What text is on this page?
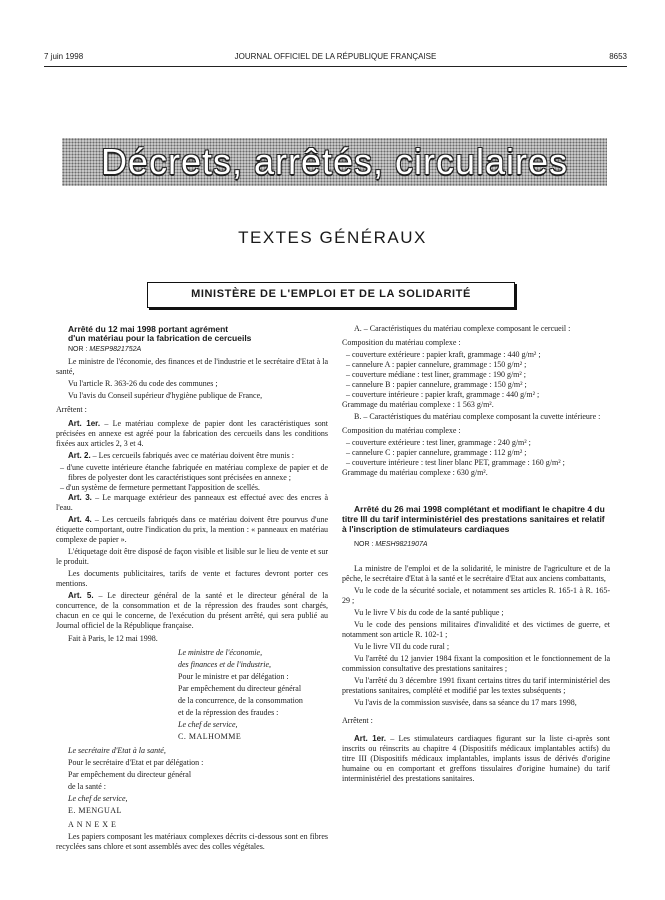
7 juin 1998	JOURNAL OFFICIEL DE LA RÉPUBLIQUE FRANÇAISE	8653
Décrets, arrêtés, circulaires
TEXTES GÉNÉRAUX
MINISTÈRE DE L'EMPLOI ET DE LA SOLIDARITÉ

Arrêté du 12 mai 1998 portant agrément

d'un matériau pour la fabrication de cercueils

NOR : MESP9821752A

Le ministre de l'économie, des finances et de l'industrie et le secrétaire d'Etat à la santé,

Vu l'article R. 363-26 du code des communes ;

Vu l'avis du Conseil supérieur d'hygiène publique de France,

Arrêtent :

Art. 1er. – Le matériau complexe de papier dont les caractéristiques sont précisées en annexe est agréé pour la fabrication des cercueils dans les conditions fixées aux articles 2, 3 et 4.

Art. 2. – Les cercueils fabriqués avec ce matériau doivent être munis :

– d'une cuvette intérieure étanche fabriquée en matériau complexe de papier et de fibres de polyester dont les caractéristiques sont précisées en annexe ;

– d'un système de fermeture permettant l'apposition de scellés.

Art. 3. – Le marquage extérieur des panneaux est effectué avec des encres à l'eau.

Art. 4. – Les cercueils fabriqués dans ce matériau doivent être pourvus d'une étiquette comportant, outre l'indication du prix, la mention : « panneaux en matériau complexe de papier ».

L'étiquetage doit être disposé de façon visible et lisible sur le lieu de vente et sur le produit.

Les documents publicitaires, tarifs de vente et factures devront porter ces mentions.

Art. 5. – Le directeur général de la santé et le directeur général de la concurrence, de la consommation et de la répression des fraudes sont chargés, chacun en ce qui le concerne, de l'exécution du présent arrêté, qui sera publié au Journal officiel de la République française.

Fait à Paris, le 12 mai 1998.

Le ministre de l'économie,

des finances et de l'industrie,

Pour le ministre et par délégation :

Par empêchement du directeur général

de la concurrence, de la consommation

et de la répression des fraudes :

Le chef de service,

C. MALHOMME

Le secrétaire d'Etat à la santé,

Pour le secrétaire d'Etat et par délégation :

Par empêchement du directeur général

de la santé :

Le chef de service,

E. MENGUAL

ANNEXE

Les papiers composant les matériaux complexes décrits ci-dessous sont en fibres recyclées sans chlore et sont assemblés avec des colles végétales.

A. – Caractéristiques du matériau complexe composant le cercueil :

Composition du matériau complexe :

– couverture extérieure : papier kraft, grammage : 440 g/m² ;

– cannelure A : papier cannelure, grammage : 150 g/m² ;

– couverture médiane : test liner, grammage : 190 g/m² ;

– cannelure B : papier cannelure, grammage : 150 g/m² ;

– couverture intérieure : papier kraft, grammage : 440 g/m² ;

Grammage du matériau complexe : 1 563 g/m².

B. – Caractéristiques du matériau complexe composant la cuvette intérieure :

Composition du matériau complexe :

– couverture extérieure : test liner, grammage : 240 g/m² ;

– cannelure C : papier cannelure, grammage : 112 g/m² ;

– couverture intérieure : test liner blanc PET, grammage : 160 g/m² ;

Grammage du matériau complexe : 630 g/m².

Arrêté du 26 mai 1998 complétant et modifiant le chapitre 4 du titre III du tarif interministériel des prestations sanitaires et relatif à l'inscription de stimulateurs cardiaques

NOR : MESH9821907A

La ministre de l'emploi et de la solidarité, le ministre de l'agriculture et de la pêche, le secrétaire d'Etat à la santé et le secrétaire d'Etat aux anciens combattants,

Vu le code de la sécurité sociale, et notamment ses articles R. 165-1 à R. 165-29 ;

Vu le livre V bis du code de la santé publique ;

Vu le code des pensions militaires d'invalidité et des victimes de guerre, et notamment son article R. 102-1 ;

Vu le livre VII du code rural ;

Vu l'arrêté du 12 janvier 1984 fixant la composition et le fonctionnement de la commission consultative des prestations sanitaires ;

Vu l'arrêté du 3 décembre 1991 fixant certains titres du tarif interministériel des prestations sanitaires, complété et modifié par les textes subséquents ;

Vu l'avis de la commission susvisée, dans sa séance du 17 mars 1998,

Arrêtent :

Art. 1er. – Les stimulateurs cardiaques figurant sur la liste ci-après sont inscrits ou réinscrits au chapitre 4 (Dispositifs médicaux implantables actifs) du titre III (Dispositifs médicaux implantables, implants issus de dérivés d'origine humaine ou en comportant et greffons tissulaires d'origine humaine) du tarif interministériel des prestations sanitaires.
